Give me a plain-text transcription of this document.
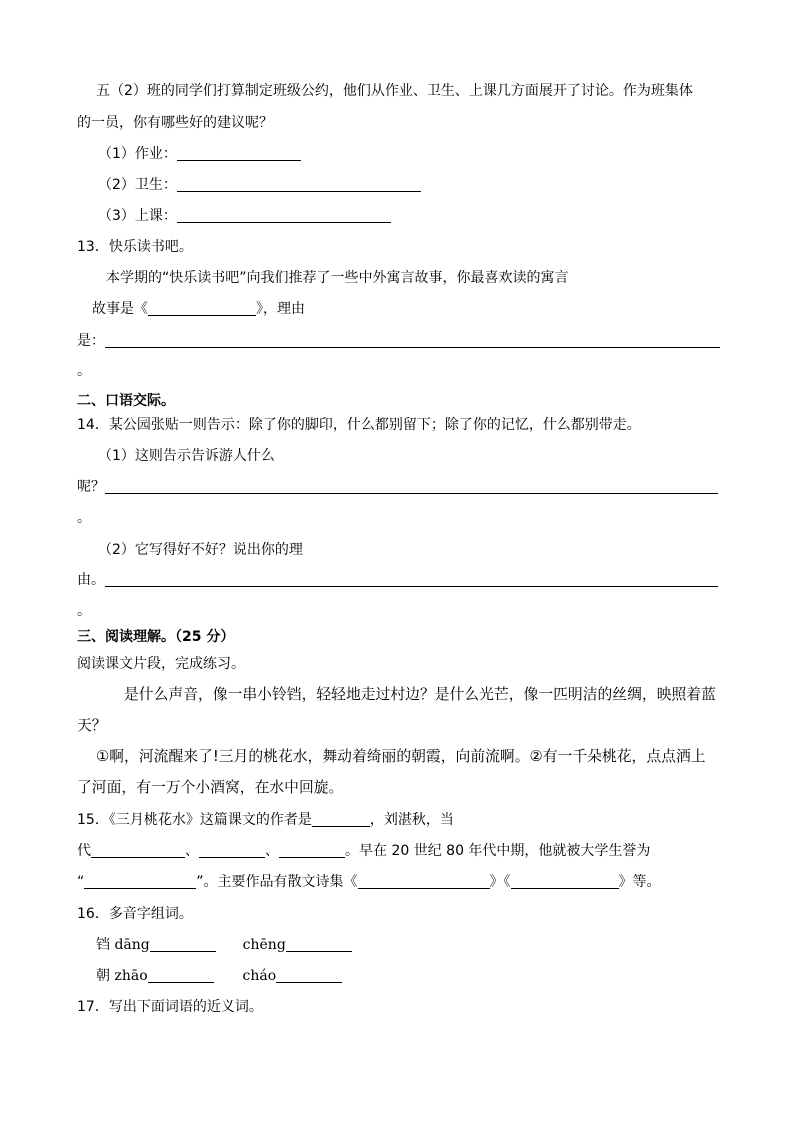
五（2）班的同学们打算制定班级公约，他们从作业、卫生、上课几方面展开了讨论。作为班集体
的一员，你有哪些好的建议呢？
（1）作业：
（2）卫生：
（3）上课：
13．快乐读书吧。
本学期的“快乐读书吧”向我们推荐了一些中外寓言故事，你最喜欢读的寓言
故事是《	》，理由
是：
。
二、口语交际。
14．某公园张贴一则告示：除了你的脚印，什么都别留下；除了你的记忆，什么都别带走。
（1）这则告示告诉游人什么
呢？
。
（2）它写得好不好？说出你的理
由。
。
三、阅读理解。（25 分）
阅读课文片段，完成练习。
是什么声音，像一串小铃铛，轻轻地走过村边？是什么光芒，像一匹明洁的丝绸，映照着蓝
天？
①啊，河流醒来了!三月的桃花水，舞动着绮丽的朝霞，向前流啊。②有一千朵桃花，点点洒上
了河面，有一万个小酒窝，在水中回旋。
15．《三月桃花水》这篇课文的作者是	，刘湛秋，当
代	、	、	。早在 20 世纪 80 年代中期，他就被大学生誉为
“	”。主要作品有散文诗集《	》《	》等。
16．多音字组词。
铛 dāng	chēng
朝 zhāo	cháo
17．写出下面词语的近义词。
